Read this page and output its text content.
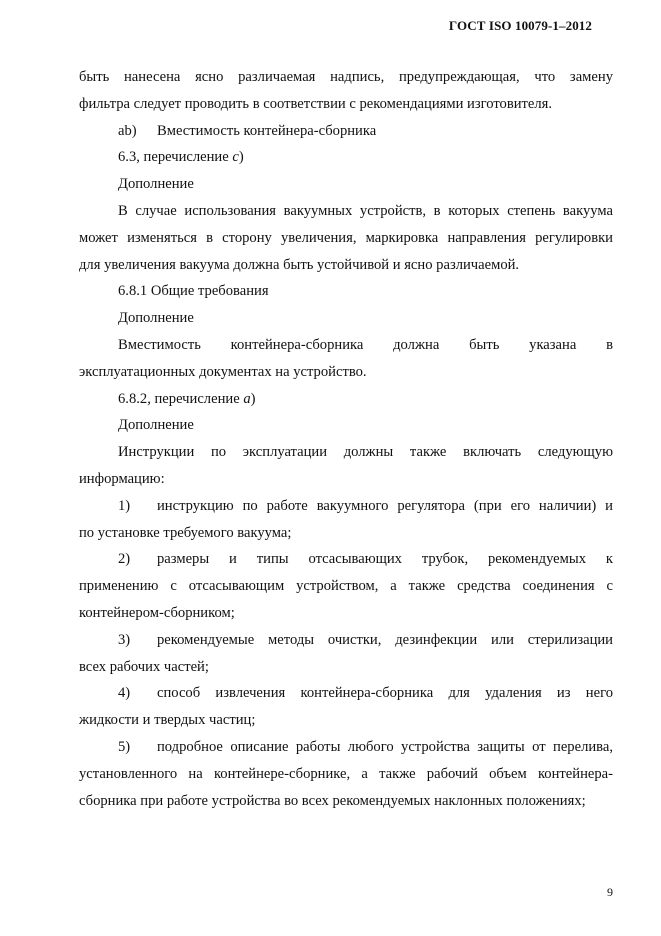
ГОСТ ISO 10079-1–2012

быть нанесена ясно различаемая надпись, предупреждающая, что замену

фильтра следует проводить в соответствии с рекомендациями изготовителя.

ab) Вместимость контейнера-сборника

6.3, перечисление с)

Дополнение

В случае использования вакуумных устройств, в которых степень вакуума

может изменяться в сторону увеличения, маркировка направления регулировки

для увеличения вакуума должна быть устойчивой и ясно различаемой.

6.8.1 Общие требования

Дополнение

Вместимость контейнера-сборника должна быть указана в

эксплуатационных документах на устройство.

6.8.2, перечисление а)

Дополнение

Инструкции по эксплуатации должны также включать следующую

информацию:

1)	инструкцию по работе вакуумного регулятора (при его наличии) и

по установке требуемого вакуума;

2)	размеры и типы отсасывающих трубок, рекомендуемых к

применению с отсасывающим устройством, а также средства соединения с контейнером-сборником;

3)	рекомендуемые методы очистки, дезинфекции или стерилизации

всех рабочих частей;

4)	способ извлечения контейнера-сборника для удаления из него

жидкости и твердых частиц;

5)	подробное описание работы любого устройства защиты от перелива,

установленного на контейнере-сборнике, а также рабочий объем контейнера-сборника при работе устройства во всех рекомендуемых наклонных положениях;

9
